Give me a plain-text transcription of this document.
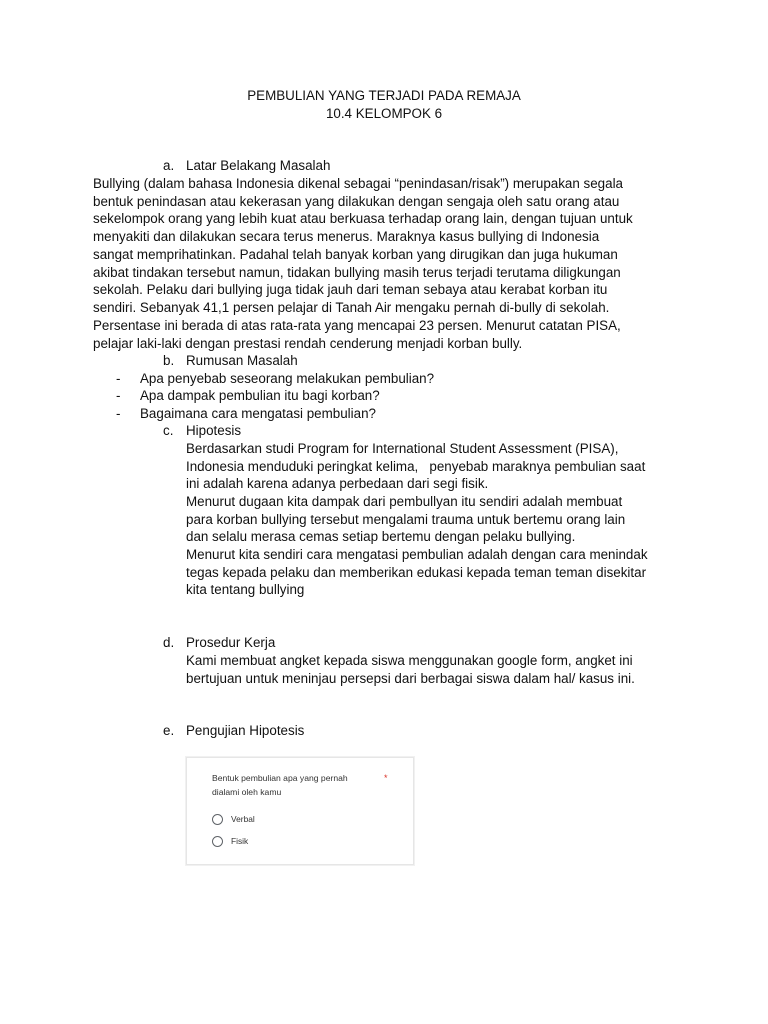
PEMBULIAN YANG TERJADI PADA REMAJA

10.4 KELOMPOK 6

a. Latar Belakang Masalah

Bullying (dalam bahasa Indonesia dikenal sebagai “penindasan/risak”) merupakan segala

bentuk penindasan atau kekerasan yang dilakukan dengan sengaja oleh satu orang atau

sekelompok orang yang lebih kuat atau berkuasa terhadap orang lain, dengan tujuan untuk

menyakiti dan dilakukan secara terus menerus. Maraknya kasus bullying di Indonesia

sangat memprihatinkan. Padahal telah banyak korban yang dirugikan dan juga hukuman

akibat tindakan tersebut namun, tidakan bullying masih terus terjadi terutama diligkungan

sekolah. Pelaku dari bullying juga tidak jauh dari teman sebaya atau kerabat korban itu

sendiri. Sebanyak 41,1 persen pelajar di Tanah Air mengaku pernah di-bully di sekolah.

Persentase ini berada di atas rata-rata yang mencapai 23 persen. Menurut catatan PISA,

pelajar laki-laki dengan prestasi rendah cenderung menjadi korban bully.

b. Rumusan Masalah

- Apa penyebab seseorang melakukan pembulian?

- Apa dampak pembulian itu bagi korban?

- Bagaimana cara mengatasi pembulian?

c. Hipotesis

Berdasarkan studi Program for International Student Assessment (PISA),

Indonesia menduduki peringkat kelima,   penyebab maraknya pembulian saat

ini adalah karena adanya perbedaan dari segi fisik.

Menurut dugaan kita dampak dari pembullyan itu sendiri adalah membuat

para korban bullying tersebut mengalami trauma untuk bertemu orang lain

dan selalu merasa cemas setiap bertemu dengan pelaku bullying.

Menurut kita sendiri cara mengatasi pembulian adalah dengan cara menindak

tegas kepada pelaku dan memberikan edukasi kepada teman teman disekitar

kita tentang bullying

d. Prosedur Kerja

Kami membuat angket kepada siswa menggunakan google form, angket ini

bertujuan untuk meninjau persepsi dari berbagai siswa dalam hal/ kasus ini.

e. Pengujian Hipotesis

Bentuk pembulian apa yang pernah

dialami oleh kamu

*
Verbal
Fisik
